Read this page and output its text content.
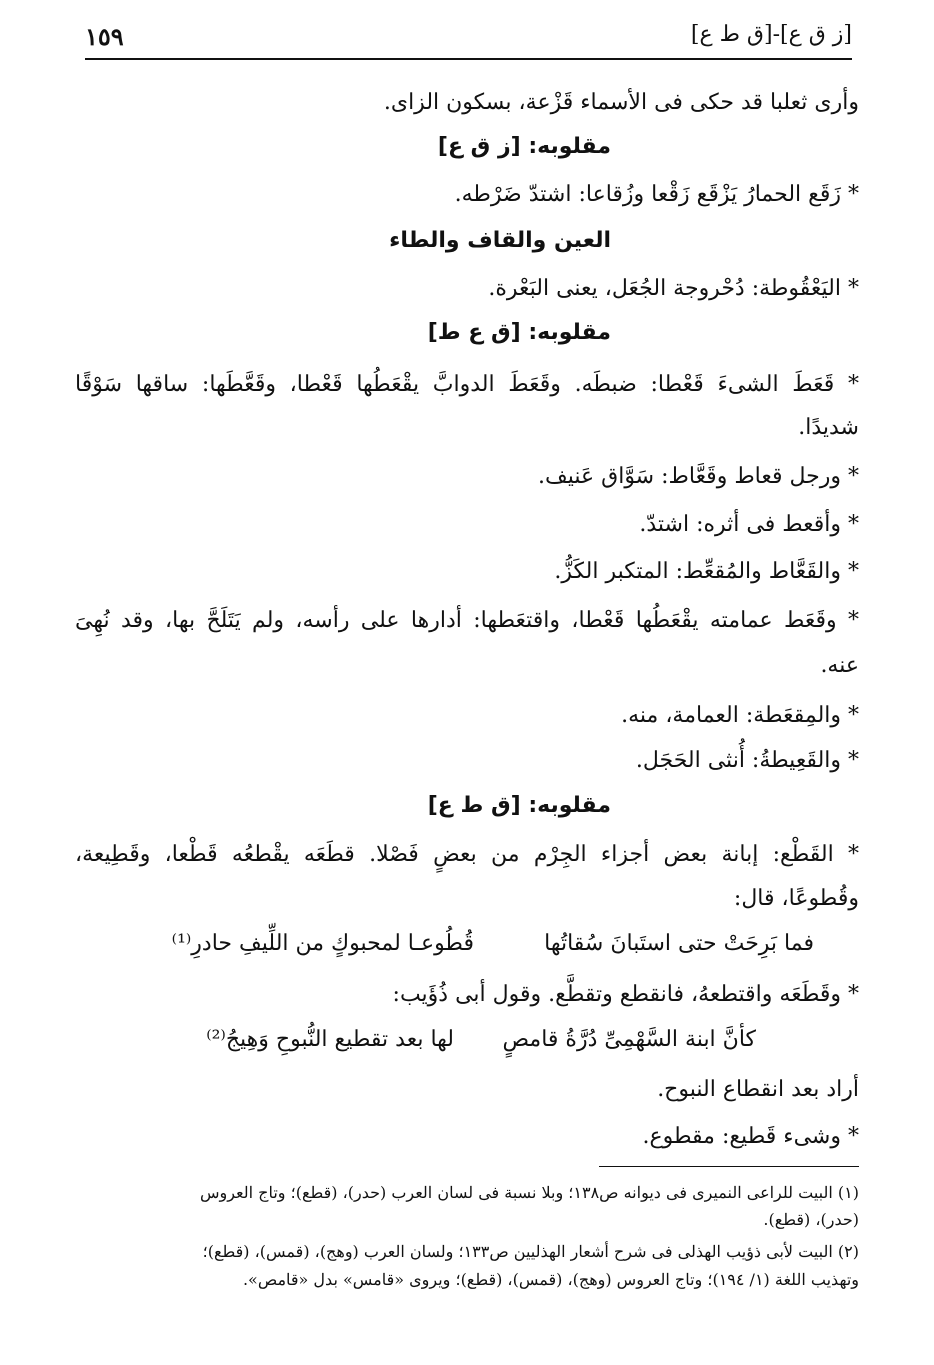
[ز ق ع]-[ق ط ع]
١٥٩
وأرى ثعلبا قد حكى فى الأسماء قَزْعة، بسكون الزاى.
مقلوبه: [ز ق ع]
* زَقَع الحمارُ يَزْقَع زَقْعا وزُقاعا: اشتدّ ضَرْطه.
العين والقاف والطاء
* اليَعْقُوطة: دُحْروجة الجُعَل، يعنى البَعْرة.
مقلوبه: [ق ع ط]
* قَعَطَ الشىءَ قَعْطا: ضبطَه. وقَعَطَ الدوابَّ يقْعَطُها قَعْطا، وقَعَّطَها: ساقها سَوْقًا
شديدًا.
* ورجل قعاط وقَعَّاط: سَوَّاق عَنيف.
* وأقعط فى أثره: اشتدّ.
* والقَعَّاط والمُقعِّط: المتكبر الكَزُّ.
* وقَعَط عمامته يقْعَطُها قَعْطا، واقتعَطها: أدارها على رأسه، ولم يَتَلَحَّ بها، وقد نُهِىَ
عنه.
* والمِقعَطة: العمامة، منه.
* والقَعِيطةُ: أُنثى الحَجَل.
مقلوبه: [ق ط ع]
* القَطْع: إبانة بعض أجزاء الجِرْم من بعضٍ فَصْلا. قطَعَه يقْطعُه قَطْعا، وقَطِيعة،
وقُطوعًا، قال:
فما بَرِحَتْ حتى استَبانَ سُقاتُها
قُطُوعـا لمحبوكٍ من اللِّيفِ حادرِ⁽¹⁾
* وقَطَعَه واقتطعهُ، فانقطع وتقطَّع. وقول أبى ذُؤَيب:
كأنَّ ابنة السَّهْمِىِّ دُرَّةُ قامصٍ
لها بعد تقطيع النُّبوحِ وَهِيجُ⁽²⁾
أراد بعد انقطاع النبوح.
* وشىء قَطيع: مقطوع.
(١) البيت للراعى النميرى فى ديوانه ص١٣٨؛ وبلا نسبة فى لسان العرب (حدر)، (قطع)؛ وتاج العروس
(حدر)، (قطع).
(٢) البيت لأبى ذؤيب الهذلى فى شرح أشعار الهذليين ص١٣٣؛ ولسان العرب (وهج)، (قمس)، (قطع)؛
وتهذيب اللغة (١/ ١٩٤)؛ وتاج العروس (وهج)، (قمس)، (قطع)؛ ويروى «قامس» بدل «قامص».
